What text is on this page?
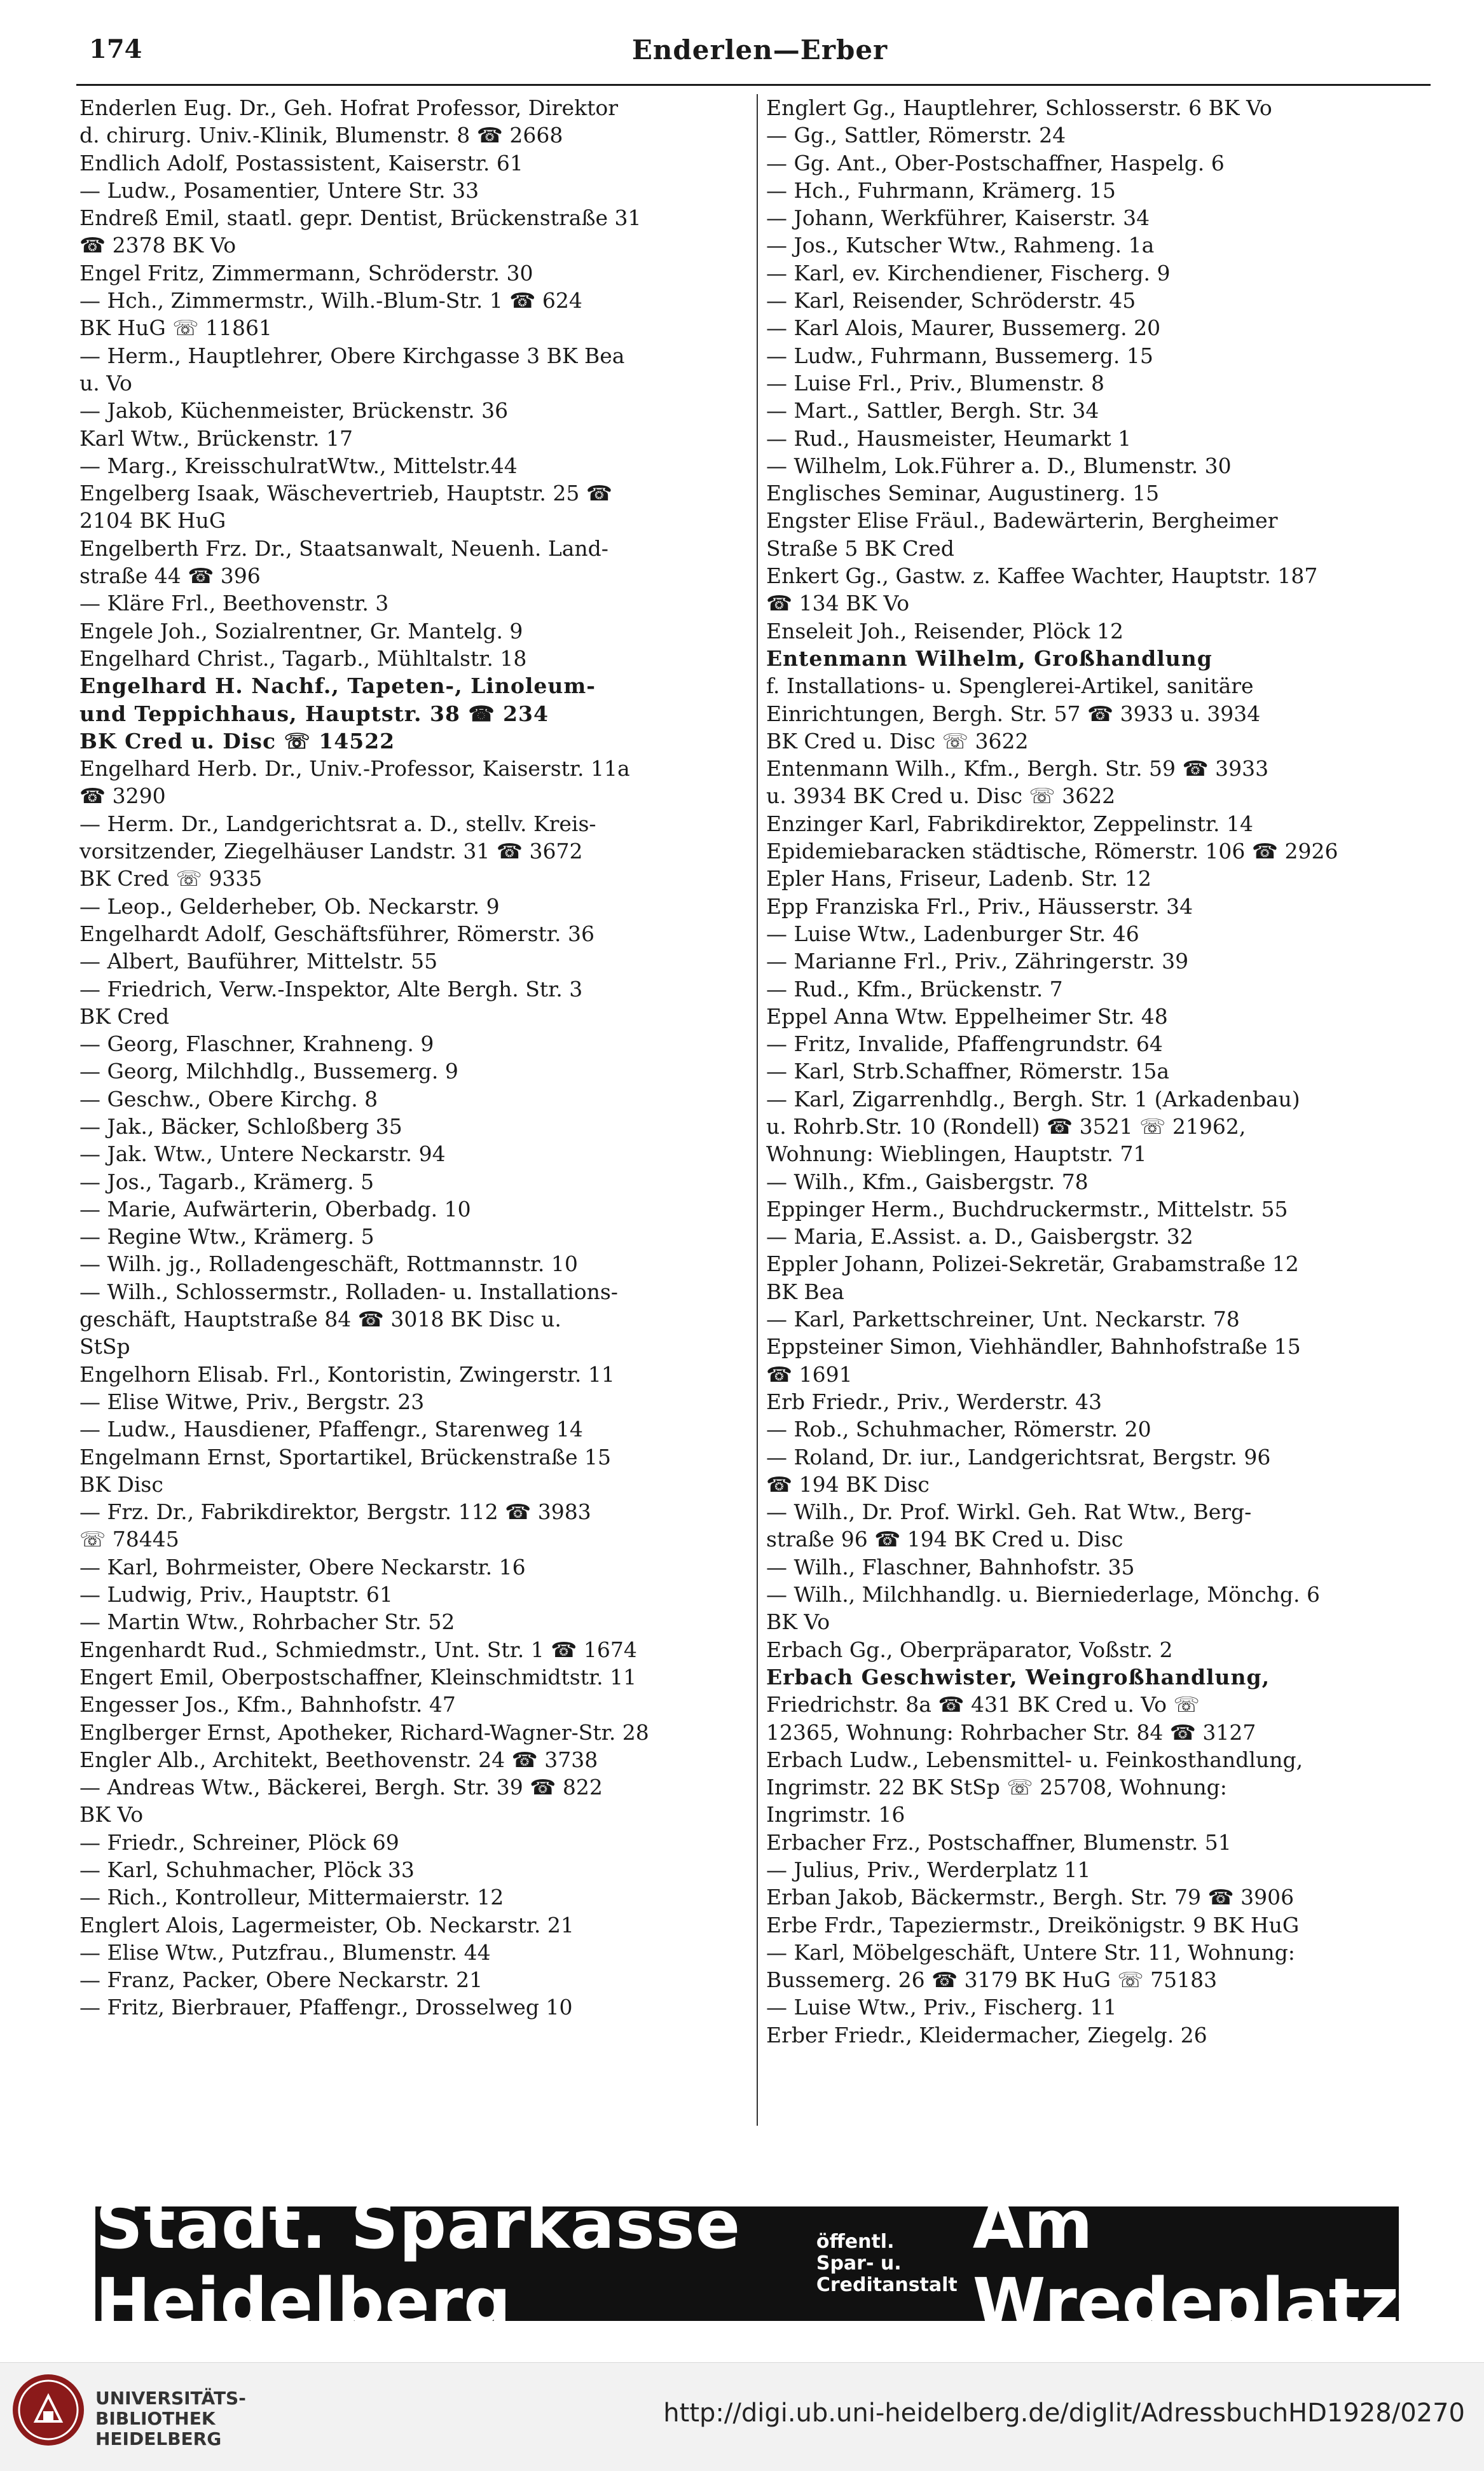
174	Enderlen—Erber
Enderlen Eug. Dr., Geh. Hofrat Professor, Direktor
d. chirurg. Univ.-Klinik, Blumenstr. 8 ☎ 2668
Endlich Adolf, Postassistent, Kaiserstr. 61
— Ludw., Posamentier, Untere Str. 33
Endreß Emil, staatl. gepr. Dentist, Brückenstraße 31
☎ 2378 BK Vo
Engel Fritz, Zimmermann, Schröderstr. 30
— Hch., Zimmermstr., Wilh.-Blum-Str. 1 ☎ 624
BK HuG ☏ 11861
— Herm., Hauptlehrer, Obere Kirchgasse 3 BK Bea
u. Vo
— Jakob, Küchenmeister, Brückenstr. 36
Karl Wtw., Brückenstr. 17
— Marg., KreisschulratWtw., Mittelstr.44
Engelberg Isaak, Wäschevertrieb, Hauptstr. 25 ☎
2104 BK HuG
Engelberth Frz. Dr., Staatsanwalt, Neuenh. Land-
straße 44 ☎ 396
— Kläre Frl., Beethovenstr. 3
Engele Joh., Sozialrentner, Gr. Mantelg. 9
Engelhard Christ., Tagarb., Mühltalstr. 18
Engelhard H. Nachf., Tapeten-, Linoleum-
und Teppichhaus, Hauptstr. 38 ☎ 234
BK Cred u. Disc ☏ 14522
Engelhard Herb. Dr., Univ.-Professor, Kaiserstr. 11a
☎ 3290
— Herm. Dr., Landgerichtsrat a. D., stellv. Kreis-
vorsitzender, Ziegelhäuser Landstr. 31 ☎ 3672
BK Cred ☏ 9335
— Leop., Gelderheber, Ob. Neckarstr. 9
Engelhardt Adolf, Geschäftsführer, Römerstr. 36
— Albert, Bauführer, Mittelstr. 55
— Friedrich, Verw.-Inspektor, Alte Bergh. Str. 3
BK Cred
— Georg, Flaschner, Krahneng. 9
— Georg, Milchhdlg., Bussemerg. 9
— Geschw., Obere Kirchg. 8
— Jak., Bäcker, Schloßberg 35
— Jak. Wtw., Untere Neckarstr. 94
— Jos., Tagarb., Krämerg. 5
— Marie, Aufwärterin, Oberbadg. 10
— Regine Wtw., Krämerg. 5
— Wilh. jg., Rolladengeschäft, Rottmannstr. 10
— Wilh., Schlossermstr., Rolladen- u. Installations-
geschäft, Hauptstraße 84 ☎ 3018 BK Disc u.
StSp
Engelhorn Elisab. Frl., Kontoristin, Zwingerstr. 11
— Elise Witwe, Priv., Bergstr. 23
— Ludw., Hausdiener, Pfaffengr., Starenweg 14
Engelmann Ernst, Sportartikel, Brückenstraße 15
BK Disc
— Frz. Dr., Fabrikdirektor, Bergstr. 112 ☎ 3983
☏ 78445
— Karl, Bohrmeister, Obere Neckarstr. 16
— Ludwig, Priv., Hauptstr. 61
— Martin Wtw., Rohrbacher Str. 52
Engenhardt Rud., Schmiedmstr., Unt. Str. 1 ☎ 1674
Engert Emil, Oberpostschaffner, Kleinschmidtstr. 11
Engesser Jos., Kfm., Bahnhofstr. 47
Englberger Ernst, Apotheker, Richard-Wagner-Str. 28
Engler Alb., Architekt, Beethovenstr. 24 ☎ 3738
— Andreas Wtw., Bäckerei, Bergh. Str. 39 ☎ 822
BK Vo
— Friedr., Schreiner, Plöck 69
— Karl, Schuhmacher, Plöck 33
— Rich., Kontrolleur, Mittermaierstr. 12
Englert Alois, Lagermeister, Ob. Neckarstr. 21
— Elise Wtw., Putzfrau., Blumenstr. 44
— Franz, Packer, Obere Neckarstr. 21
— Fritz, Bierbrauer, Pfaffengr., Drosselweg 10
Englert Gg., Hauptlehrer, Schlosserstr. 6 BK Vo
— Gg., Sattler, Römerstr. 24
— Gg. Ant., Ober-Postschaffner, Haspelg. 6
— Hch., Fuhrmann, Krämerg. 15
— Johann, Werkführer, Kaiserstr. 34
— Jos., Kutscher Wtw., Rahmeng. 1a
— Karl, ev. Kirchendiener, Fischerg. 9
— Karl, Reisender, Schröderstr. 45
— Karl Alois, Maurer, Bussemerg. 20
— Ludw., Fuhrmann, Bussemerg. 15
— Luise Frl., Priv., Blumenstr. 8
— Mart., Sattler, Bergh. Str. 34
— Rud., Hausmeister, Heumarkt 1
— Wilhelm, Lok.Führer a. D., Blumenstr. 30
Englisches Seminar, Augustinerg. 15
Engster Elise Fräul., Badewärterin, Bergheimer
Straße 5 BK Cred
Enkert Gg., Gastw. z. Kaffee Wachter, Hauptstr. 187
☎ 134 BK Vo
Enseleit Joh., Reisender, Plöck 12
Entenmann Wilhelm, Großhandlung
f. Installations- u. Spenglerei-Artikel, sanitäre
Einrichtungen, Bergh. Str. 57 ☎ 3933 u. 3934
BK Cred u. Disc ☏ 3622
Entenmann Wilh., Kfm., Bergh. Str. 59 ☎ 3933
u. 3934 BK Cred u. Disc ☏ 3622
Enzinger Karl, Fabrikdirektor, Zeppelinstr. 14
Epidemiebaracken städtische, Römerstr. 106 ☎ 2926
Epler Hans, Friseur, Ladenb. Str. 12
Epp Franziska Frl., Priv., Häusserstr. 34
— Luise Wtw., Ladenburger Str. 46
— Marianne Frl., Priv., Zähringerstr. 39
— Rud., Kfm., Brückenstr. 7
Eppel Anna Wtw. Eppelheimer Str. 48
— Fritz, Invalide, Pfaffengrundstr. 64
— Karl, Strb.Schaffner, Römerstr. 15a
— Karl, Zigarrenhdlg., Bergh. Str. 1 (Arkadenbau)
u. Rohrb.Str. 10 (Rondell) ☎ 3521 ☏ 21962,
Wohnung: Wieblingen, Hauptstr. 71
— Wilh., Kfm., Gaisbergstr. 78
Eppinger Herm., Buchdruckermstr., Mittelstr. 55
— Maria, E.Assist. a. D., Gaisbergstr. 32
Eppler Johann, Polizei-Sekretär, Grabamstraße 12
BK Bea
— Karl, Parkettschreiner, Unt. Neckarstr. 78
Eppsteiner Simon, Viehhändler, Bahnhofstraße 15
☎ 1691
Erb Friedr., Priv., Werderstr. 43
— Rob., Schuhmacher, Römerstr. 20
— Roland, Dr. iur., Landgerichtsrat, Bergstr. 96
☎ 194 BK Disc
— Wilh., Dr. Prof. Wirkl. Geh. Rat Wtw., Berg-
straße 96 ☎ 194 BK Cred u. Disc
— Wilh., Flaschner, Bahnhofstr. 35
— Wilh., Milchhandlg. u. Bierniederlage, Mönchg. 6
BK Vo
Erbach Gg., Oberpräparator, Voßstr. 2
Erbach Geschwister, Weingroßhandlung,
Friedrichstr. 8a ☎ 431 BK Cred u. Vo ☏
12365, Wohnung: Rohrbacher Str. 84 ☎ 3127
Erbach Ludw., Lebensmittel- u. Feinkosthandlung,
Ingrimstr. 22 BK StSp ☏ 25708, Wohnung:
Ingrimstr. 16
Erbacher Frz., Postschaffner, Blumenstr. 51
— Julius, Priv., Werderplatz 11
Erban Jakob, Bäckermstr., Bergh. Str. 79 ☎ 3906
Erbe Frdr., Tapeziermstr., Dreikönigstr. 9 BK HuG
— Karl, Möbelgeschäft, Untere Str. 11, Wohnung:
Bussemerg. 26 ☎ 3179 BK HuG ☏ 75183
— Luise Wtw., Priv., Fischerg. 11
Erber Friedr., Kleidermacher, Ziegelg. 26
Städt. Sparkasse Heidelberg
öffentl. Spar- u.
Creditanstalt
Am Wredeplatz
UNIVERSITÄTS-
BIBLIOTHEK
HEIDELBERG
http://digi.ub.uni-heidelberg.de/diglit/AdressbuchHD1928/0270
